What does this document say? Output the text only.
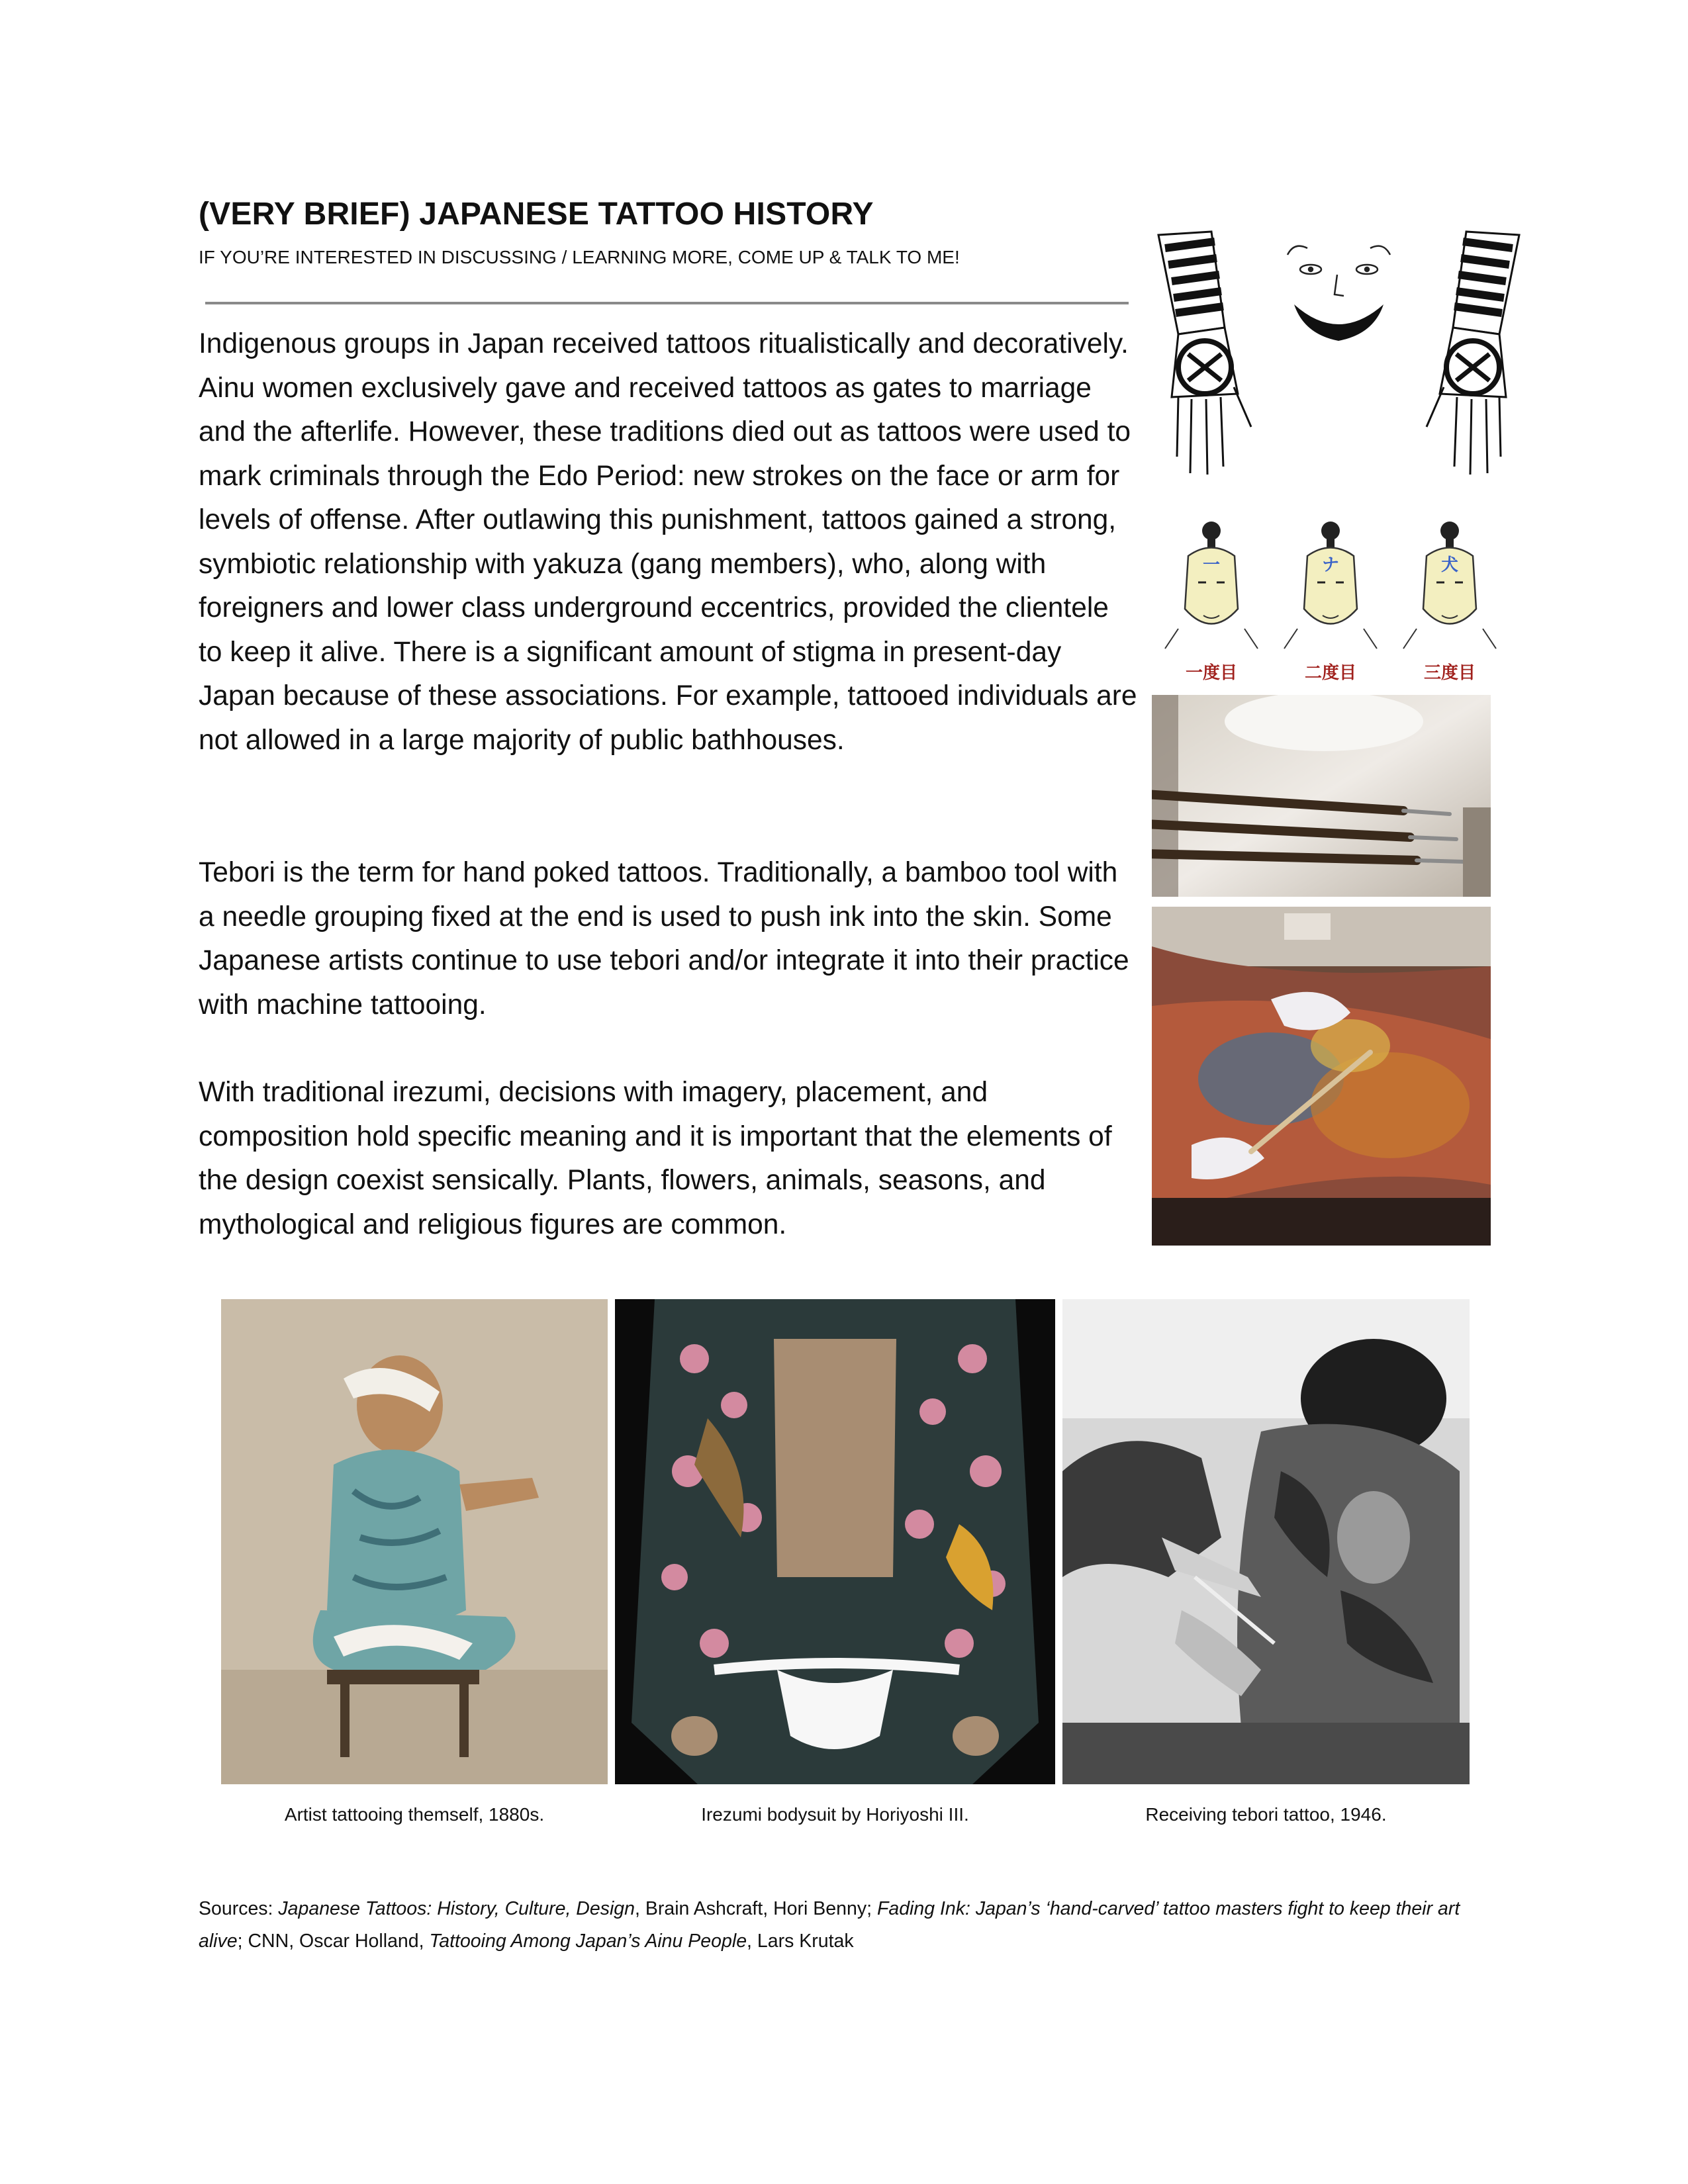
(VERY BRIEF) JAPANESE TATTOO HISTORY

IF YOU’RE INTERESTED IN DISCUSSING / LEARNING MORE, COME UP & TALK TO ME!

Indigenous groups in Japan received tattoos ritualistically and decoratively. Ainu women exclusively gave and received tattoos as gates to marriage and the afterlife. However, these traditions died out as tattoos were used to mark criminals through the Edo Period: new strokes on the face or arm for levels of offense. After outlawing this punishment, tattoos gained a strong, symbiotic relationship with yakuza (gang members), who, along with foreigners and lower class underground eccentrics, provided the clientele to keep it alive. There is a significant amount of stigma in present-day Japan because of these associations. For example, tattooed individuals are not allowed in a large majority of public bathhouses.

Tebori is the term for hand poked tattoos. Traditionally, a bamboo tool with a needle grouping fixed at the end is used to push ink into the skin. Some Japanese artists continue to use tebori and/or integrate it into their practice with machine tattooing.

With traditional irezumi, decisions with imagery, placement, and composition hold specific meaning and it is important that the elements of the design coexist sensically. Plants, flowers, animals, seasons, and mythological and religious figures are common.

一	ナ	犬
一度目	二度目	三度目

Artist tattooing themself, 1880s.	Irezumi bodysuit by Horiyoshi III.	Receiving tebori tattoo, 1946.

Sources: Japanese Tattoos: History, Culture, Design, Brain Ashcraft, Hori Benny; Fading Ink: Japan’s ‘hand-carved’ tattoo masters fight to keep their art alive; CNN, Oscar Holland, Tattooing Among Japan’s Ainu People, Lars Krutak
